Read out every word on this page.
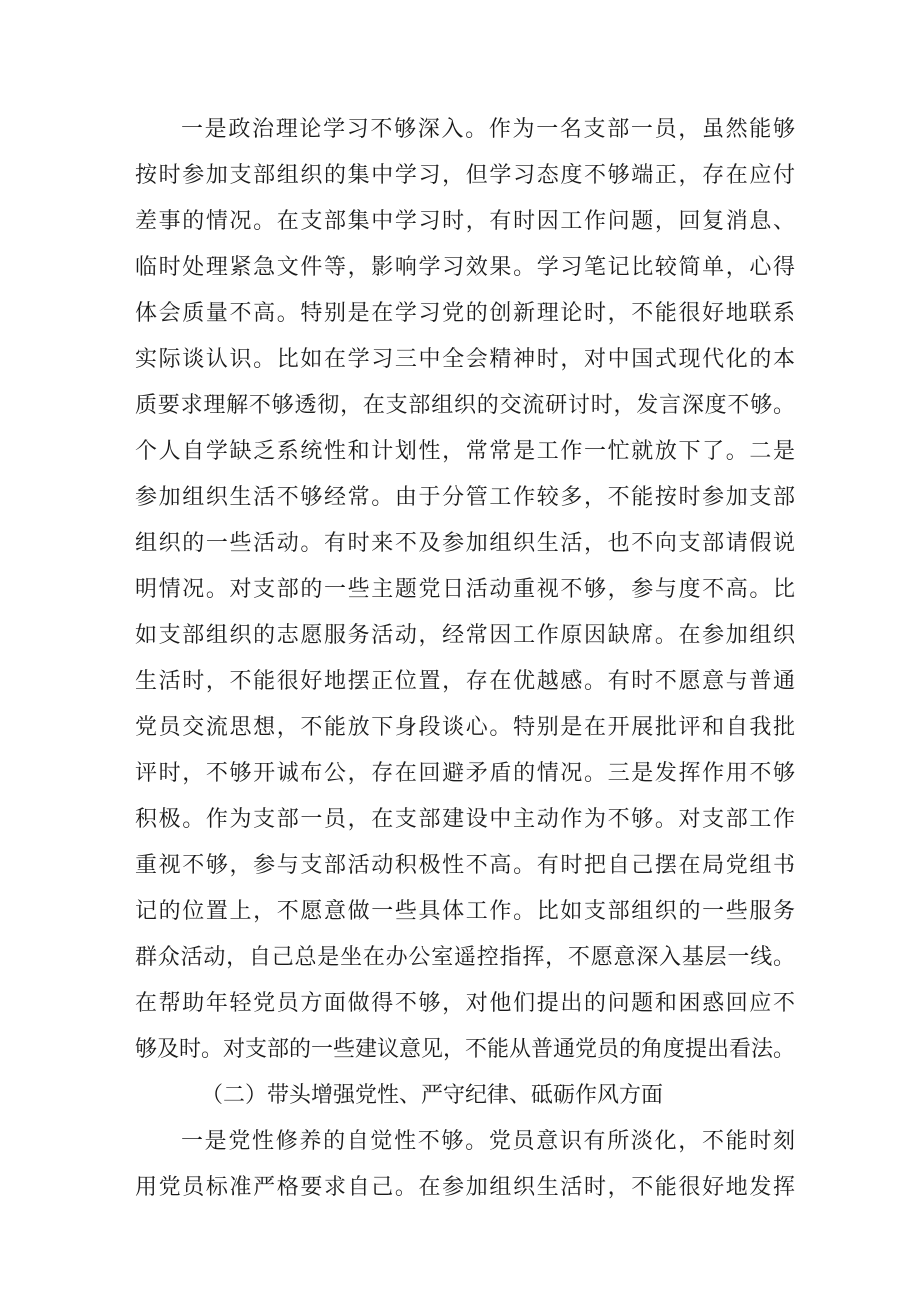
一是政治理论学习不够深入。作为一名支部一员，虽然能够
按时参加支部组织的集中学习，但学习态度不够端正，存在应付
差事的情况。在支部集中学习时，有时因工作问题，回复消息、
临时处理紧急文件等，影响学习效果。学习笔记比较简单，心得
体会质量不高。特别是在学习党的创新理论时，不能很好地联系
实际谈认识。比如在学习三中全会精神时，对中国式现代化的本
质要求理解不够透彻，在支部组织的交流研讨时，发言深度不够。
个人自学缺乏系统性和计划性，常常是工作一忙就放下了。二是
参加组织生活不够经常。由于分管工作较多，不能按时参加支部
组织的一些活动。有时来不及参加组织生活，也不向支部请假说
明情况。对支部的一些主题党日活动重视不够，参与度不高。比
如支部组织的志愿服务活动，经常因工作原因缺席。在参加组织
生活时，不能很好地摆正位置，存在优越感。有时不愿意与普通
党员交流思想，不能放下身段谈心。特别是在开展批评和自我批
评时，不够开诚布公，存在回避矛盾的情况。三是发挥作用不够
积极。作为支部一员，在支部建设中主动作为不够。对支部工作
重视不够，参与支部活动积极性不高。有时把自己摆在局党组书
记的位置上，不愿意做一些具体工作。比如支部组织的一些服务
群众活动，自己总是坐在办公室遥控指挥，不愿意深入基层一线。
在帮助年轻党员方面做得不够，对他们提出的问题和困惑回应不
够及时。对支部的一些建议意见，不能从普通党员的角度提出看法。
（二）带头增强党性、严守纪律、砥砺作风方面
一是党性修养的自觉性不够。党员意识有所淡化，不能时刻
用党员标准严格要求自己。在参加组织生活时，不能很好地发挥
